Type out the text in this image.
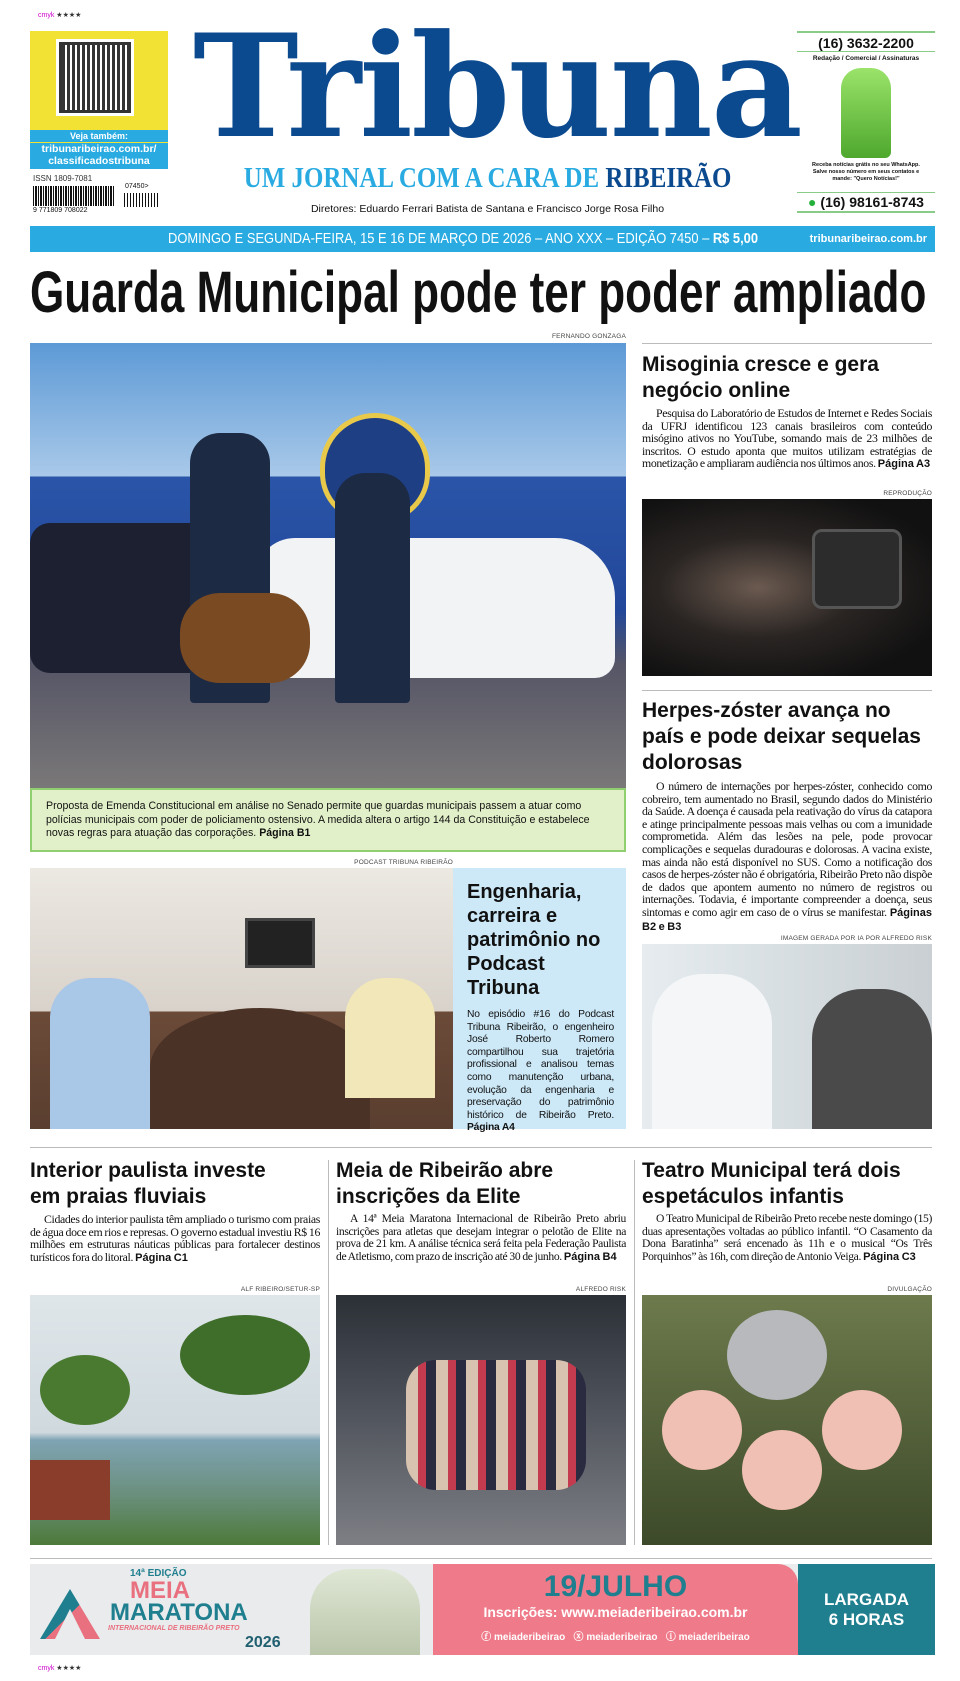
cmyk ★★★★
cmyk ★★★★
Veja também:
tribunaribeirao.com.br/
classificadostribuna
ISSN 1809-7081
9 771809 708022
07450>
Tribuna
UM JORNAL COM A CARA DE RIBEIRÃO
Diretores: Eduardo Ferrari Batista de Santana e Francisco Jorge Rosa Filho
(16) 3632-2200
Redação / Comercial / Assinaturas
Receba notícias grátis no seu WhatsApp. Salve nosso número em seus contatos e mande: "Quero Notícias!"
● (16) 98161-8743
DOMINGO E SEGUNDA-FEIRA, 15 E 16 DE MARÇO DE 2026 – ANO XXX – EDIÇÃO 7450 – R$ 5,00	tribunaribeirao.com.br
Guarda Municipal pode ter poder ampliado
FERNANDO GONZAGA
Proposta de Emenda Constitucional em análise no Senado permite que guardas municipais passem a atuar como polícias municipais com poder de policiamento ostensivo. A medida altera o artigo 144 da Constituição e estabelece novas regras para atuação das corporações. Página B1
PODCAST TRIBUNA RIBEIRÃO
Engenharia, carreira e patrimônio no Podcast Tribuna
No episódio #16 do Podcast Tribuna Ribeirão, o engenheiro José Roberto Romero compartilhou sua trajetória profissional e analisou temas como manutenção urbana, evolução da engenharia e preservação do patrimônio histórico de Ribeirão Preto. Página A4
Misoginia cresce e gera negócio online
Pesquisa do Laboratório de Estudos de Internet e Redes Sociais da UFRJ identificou 123 canais brasileiros com conteúdo misógino ativos no YouTube, somando mais de 23 milhões de inscritos. O estudo aponta que muitos utilizam estratégias de monetização e ampliaram audiência nos últimos anos. Página A3
REPRODUÇÃO
Herpes-zóster avança no país e pode deixar sequelas dolorosas
O número de internações por herpes-zóster, conhecido como cobreiro, tem aumentado no Brasil, segundo dados do Ministério da Saúde. A doença é causada pela reativação do vírus da catapora e atinge principalmente pessoas mais velhas ou com a imunidade comprometida. Além das lesões na pele, pode provocar complicações e sequelas duradouras e dolorosas. A vacina existe, mas ainda não está disponível no SUS. Como a notificação dos casos de herpes-zóster não é obrigatória, Ribeirão Preto não dispõe de dados que apontem aumento no número de registros ou internações. Todavia, é importante compreender a doença, seus sintomas e como agir em caso de o vírus se manifestar. Páginas B2 e B3
IMAGEM GERADA POR IA POR ALFREDO RISK
Interior paulista investe
em praias fluviais
Cidades do interior paulista têm ampliado o turismo com praias de água doce em rios e represas. O governo estadual investiu R$ 16 milhões em estruturas náuticas públicas para fortalecer destinos turísticos fora do litoral. Página C1
Meia de Ribeirão abre
inscrições da Elite
A 14ª Meia Maratona Internacional de Ribeirão Preto abriu inscrições para atletas que desejam integrar o pelotão de Elite na prova de 21 km. A análise técnica será feita pela Federação Paulista de Atletismo, com prazo de inscrição até 30 de junho. Página B4
Teatro Municipal terá dois
espetáculos infantis
O Teatro Municipal de Ribeirão Preto recebe neste domingo (15) duas apresentações voltadas ao público infantil. “O Casamento da Dona Baratinha” será encenado às 11h e o musical “Os Três Porquinhos” às 16h, com direção de Antonio Veiga. Página C3
ALF RIBEIRO/SETUR-SP	ALFREDO RISK	DIVULGAÇÃO
14ª EDIÇÃO
MEIA
MARATONA
INTERNACIONAL DE RIBEIRÃO PRETO
2026
19/JULHO
Inscrições: www.meiaderibeirao.com.br
ⓕ meiaderibeirao ⓧ meiaderibeirao ⓘ meiaderibeirao
LARGADA
6 HORAS
